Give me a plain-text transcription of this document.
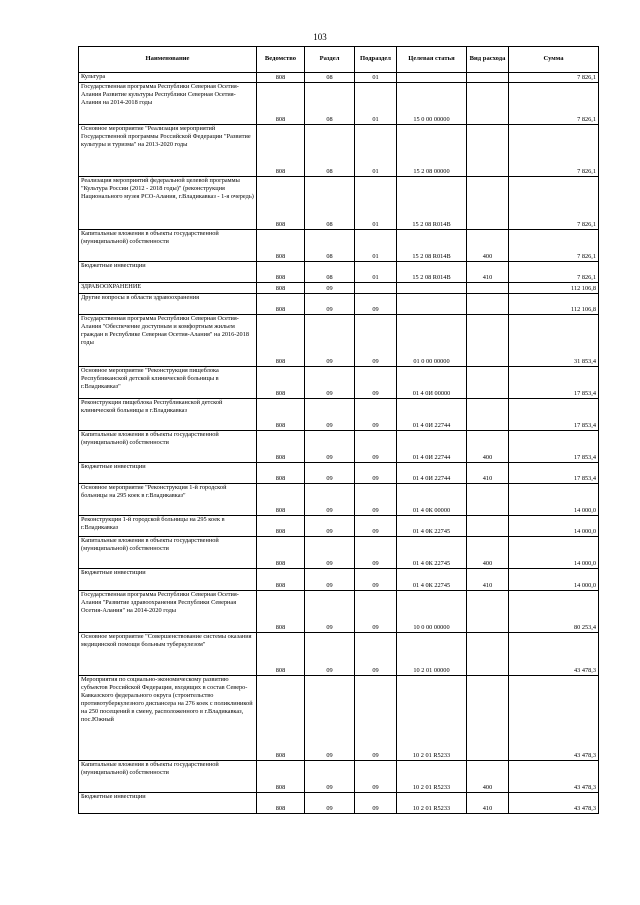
103
Наименование	Ведомство	Раздел	Подраздел	Целевая статья	Вид расхода	Сумма
Культура	808	08	01			7 826,1
Государственная программа Республики Северная Осетия-Алания Развитие культуры Республики Северная Осетия-Алания на 2014-2018 годы	808	08	01	15 0 00 00000		7 826,1
Основное мероприятие "Реализация мероприятий Государственной программы Российской Федерации "Развитие культуры и туризма" на 2013-2020 годы	808	08	01	15 2 08 00000		7 826,1
Реализация мероприятий федеральной целевой программы "Культура России (2012 - 2018 годы)" (реконструкция Национального музея РСО-Алания, г.Владикавказ - 1-я очередь)	808	08	01	15 2 08 R014B		7 826,1
Капитальные вложения в объекты государственной (муниципальной) собственности	808	08	01	15 2 08 R014B	400	7 826,1
Бюджетные инвестиции	808	08	01	15 2 08 R014B	410	7 826,1
ЗДРАВООХРАНЕНИЕ	808	09				112 106,8
Другие вопросы в области здравоохранения	808	09	09			112 106,8
Государственная программа Республики Северная Осетия-Алания "Обеспечение доступным и комфортным жильем граждан в Республике Северная Осетия-Алания" на 2016-2018 годы	808	09	09	01 0 00 00000		31 853,4
Основное мероприятие "Реконструкция пищеблока Республиканской детской клинической больницы в г.Владикавказ"	808	09	09	01 4 0И 00000		17 853,4
Реконструкция пищеблока Республиканской детской клинической больницы в г.Владикавказ	808	09	09	01 4 0И 22744		17 853,4
Капитальные вложения в объекты государственной (муниципальной) собственности	808	09	09	01 4 0И 22744	400	17 853,4
Бюджетные инвестиции	808	09	09	01 4 0И 22744	410	17 853,4
Основное мероприятие "Реконструкция 1-й городской больницы на 295 коек в г.Владикавказ"	808	09	09	01 4 0К 00000		14 000,0
Реконструкция 1-й городской больницы на 295 коек в г.Владикавказ	808	09	09	01 4 0К 22745		14 000,0
Капитальные вложения в объекты государственной (муниципальной) собственности	808	09	09	01 4 0К 22745	400	14 000,0
Бюджетные инвестиции	808	09	09	01 4 0К 22745	410	14 000,0
Государственная программа Республики Северная Осетия-Алания "Развитие здравоохранения Республики Северная Осетия-Алания" на 2014-2020 годы	808	09	09	10 0 00 00000		80 253,4
Основное мероприятие "Совершенствование системы оказания медицинской помощи больным туберкулезом"	808	09	09	10 2 01 00000		43 478,3
Мероприятия по социально-экономическому развитию субъектов Российской Федерации, входящих в состав Северо-Кавказского федерального округа (строительство противотуберкулезного диспансера на 276 коек с поликлиникой на 250 посещений в смену, расположенного в г.Владикавказ, пос.Южный	808	09	09	10 2 01 R5233		43 478,3
Капитальные вложения в объекты государственной (муниципальной) собственности	808	09	09	10 2 01 R5233	400	43 478,3
Бюджетные инвестиции	808	09	09	10 2 01 R5233	410	43 478,3
